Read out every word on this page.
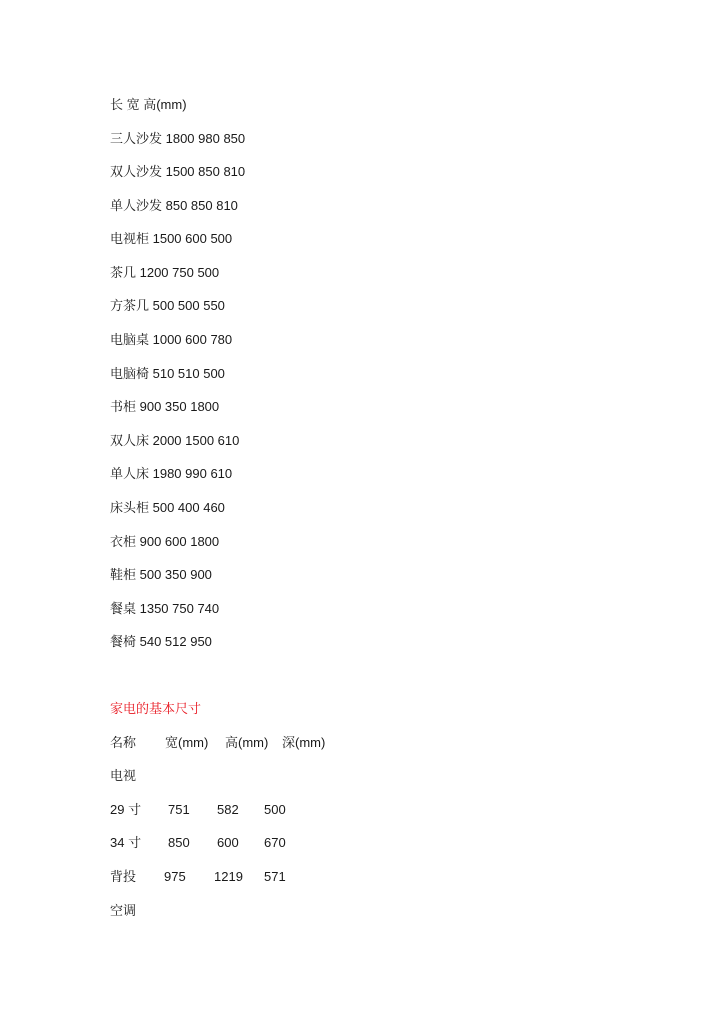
长 宽 高(mm)
三人沙发 1800 980 850
双人沙发 1500 850 810
单人沙发 850 850 810
电视柜 1500 600 500
茶几 1200 750 500
方茶几 500 500 550
电脑桌 1000 600 780
电脑椅 510 510 500
书柜 900 350 1800
双人床 2000 1500 610
单人床 1980 990 610
床头柜 500 400 460
衣柜 900 600 1800
鞋柜 500 350 900
餐桌 1350 750 740
餐椅 540 512 950
家电的基本尺寸

名称

宽(mm)

高(mm)

深(mm)

电视

29 寸

751

582

500

34 寸

850

600

670

背投

975

1219

571

空调
